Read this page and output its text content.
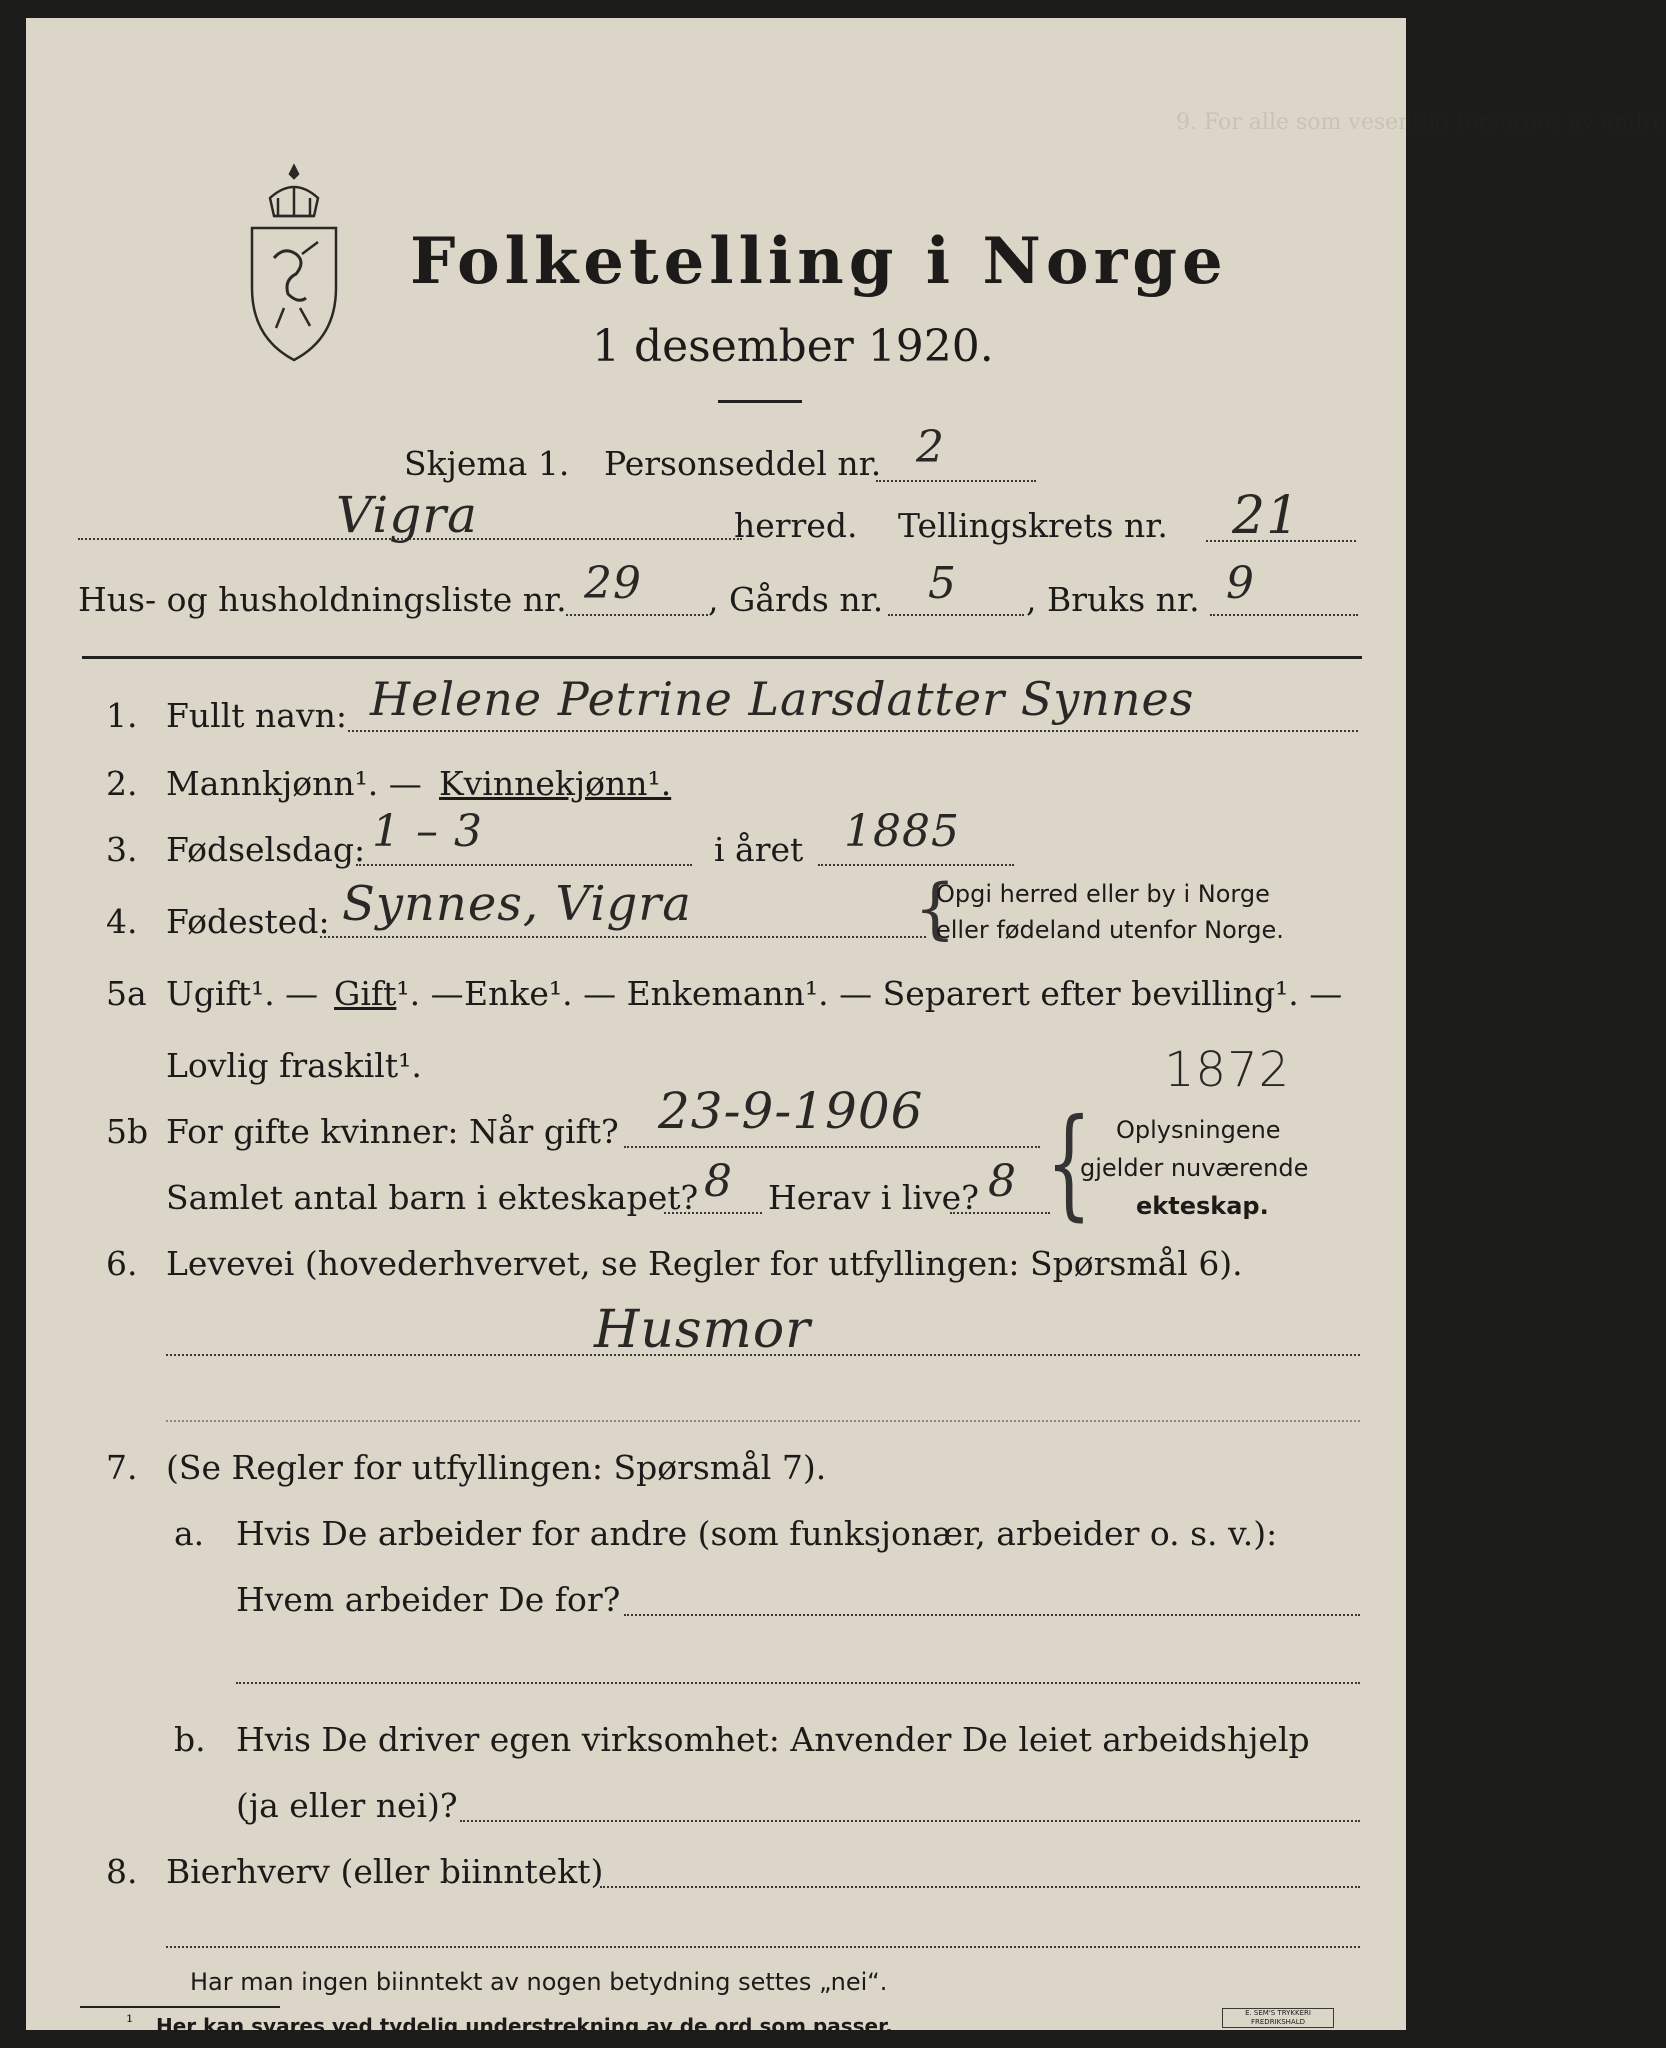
9. For alle som vesentlig forsørges av andre
Folketelling i Norge
1 desember 1920.
Skjema 1. Personseddel nr. 2
Vigra	herred. Tellingskrets nr. 21
Hus- og husholdningsliste nr. 29 , Gårds nr. 5 , Bruks nr. 9
1. Fullt navn: Helene Petrine Larsdatter Synnes
2. Mannkjønn¹. — Kvinnekjønn¹.
3. Fødselsdag: 1 – 3	i året 1885
4. Fødested: Synnes, Vigra	{
Opgi herred eller by i Norge
eller fødeland utenfor Norge.
5a Ugift¹. — Gift¹. — Enke¹. — Enkemann¹. — Separert efter bevilling¹. —
Lovlig fraskilt¹.	1872
5b For gifte kvinner: Når gift? 23-9-1906
Samlet antal barn i ekteskapet? 8 Herav i live? 8 { Oplysningene
gjelder nuværende
ekteskap.
6. Levevei (hovederhvervet, se Regler for utfyllingen: Spørsmål 6).
Husmor
7. (Se Regler for utfyllingen: Spørsmål 7).
a. Hvis De arbeider for andre (som funksjonær, arbeider o. s. v.):
Hvem arbeider De for?
b. Hvis De driver egen virksomhet: Anvender De leiet arbeidshjelp
(ja eller nei)?
8. Bierhverv (eller biinntekt)
Har man ingen biinntekt av nogen betydning settes „nei“.
¹ Her kan svares ved tydelig understrekning av de ord som passer.
E. SEM'S TRYKKERI FREDRIKSHALD
